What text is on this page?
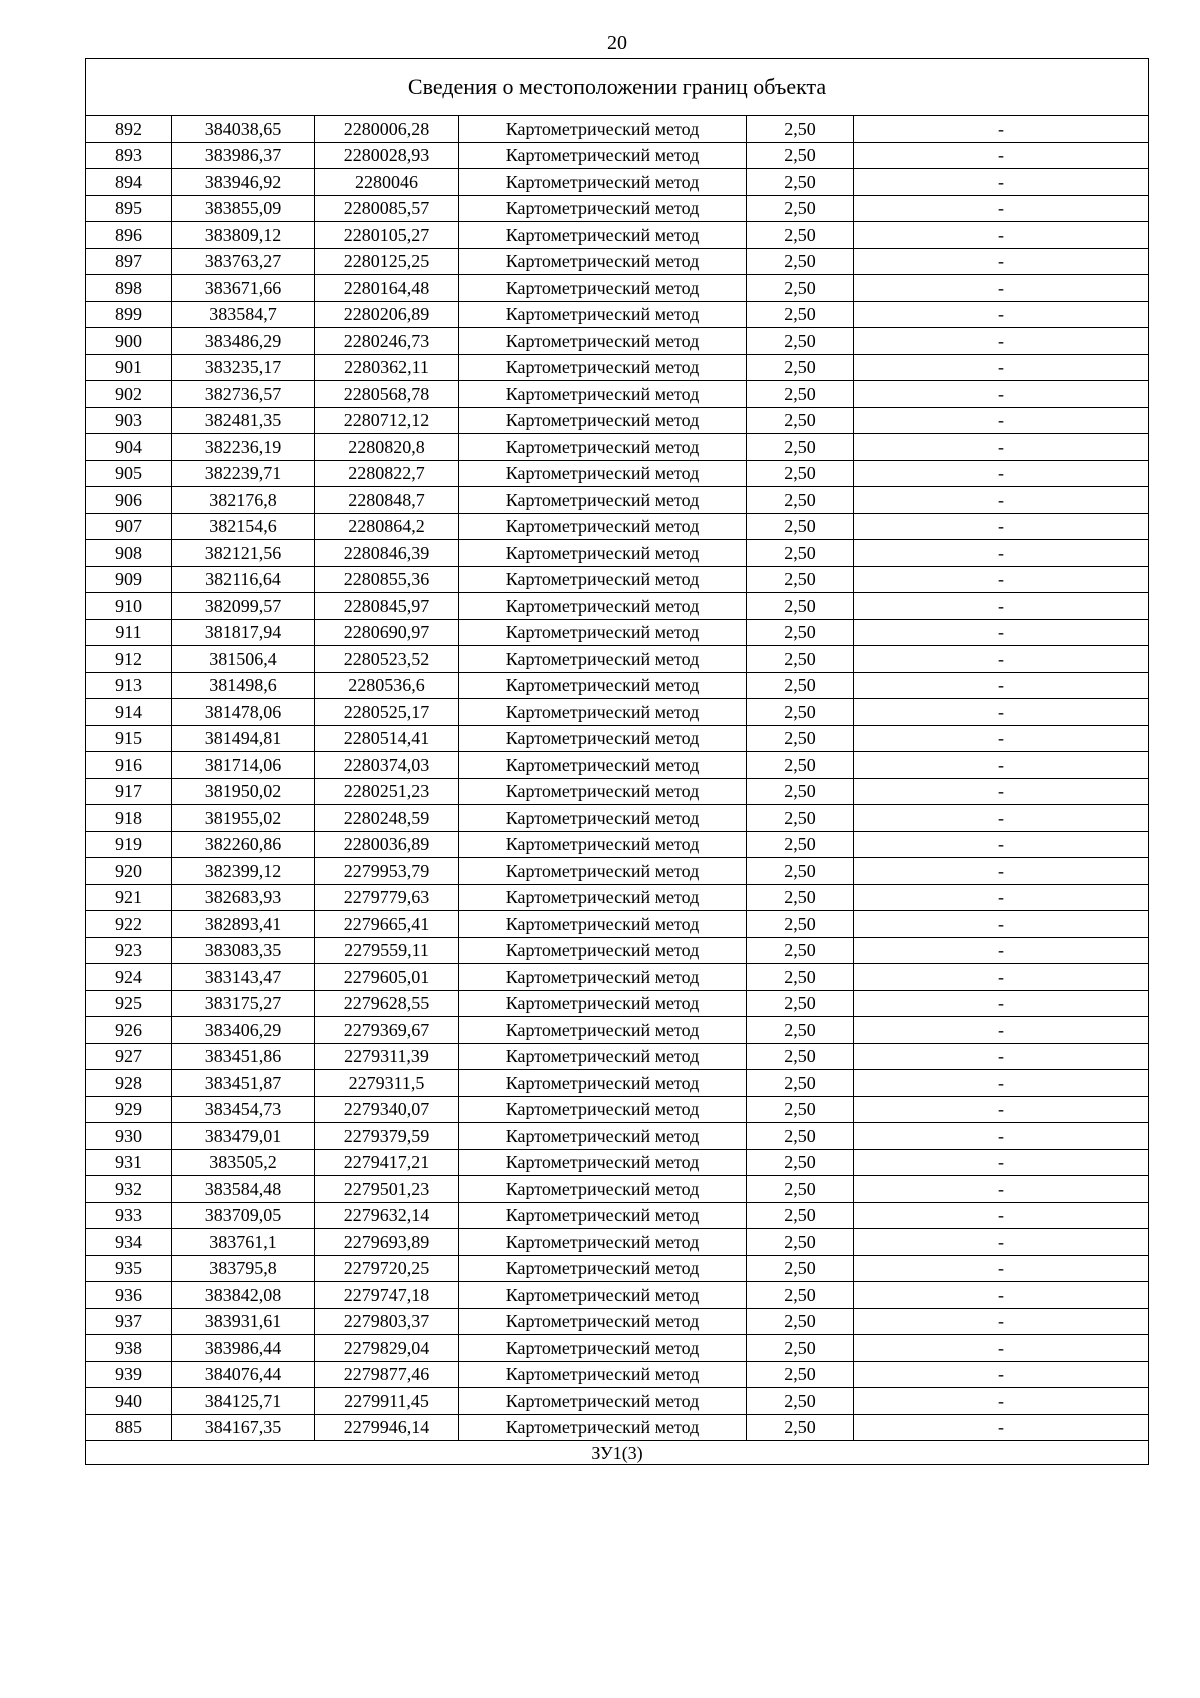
20
Сведения о местоположении границ объекта					
892	384038,65	2280006,28	Картометрический метод	2,50	-
893	383986,37	2280028,93	Картометрический метод	2,50	-
894	383946,92	2280046	Картометрический метод	2,50	-
895	383855,09	2280085,57	Картометрический метод	2,50	-
896	383809,12	2280105,27	Картометрический метод	2,50	-
897	383763,27	2280125,25	Картометрический метод	2,50	-
898	383671,66	2280164,48	Картометрический метод	2,50	-
899	383584,7	2280206,89	Картометрический метод	2,50	-
900	383486,29	2280246,73	Картометрический метод	2,50	-
901	383235,17	2280362,11	Картометрический метод	2,50	-
902	382736,57	2280568,78	Картометрический метод	2,50	-
903	382481,35	2280712,12	Картометрический метод	2,50	-
904	382236,19	2280820,8	Картометрический метод	2,50	-
905	382239,71	2280822,7	Картометрический метод	2,50	-
906	382176,8	2280848,7	Картометрический метод	2,50	-
907	382154,6	2280864,2	Картометрический метод	2,50	-
908	382121,56	2280846,39	Картометрический метод	2,50	-
909	382116,64	2280855,36	Картометрический метод	2,50	-
910	382099,57	2280845,97	Картометрический метод	2,50	-
911	381817,94	2280690,97	Картометрический метод	2,50	-
912	381506,4	2280523,52	Картометрический метод	2,50	-
913	381498,6	2280536,6	Картометрический метод	2,50	-
914	381478,06	2280525,17	Картометрический метод	2,50	-
915	381494,81	2280514,41	Картометрический метод	2,50	-
916	381714,06	2280374,03	Картометрический метод	2,50	-
917	381950,02	2280251,23	Картометрический метод	2,50	-
918	381955,02	2280248,59	Картометрический метод	2,50	-
919	382260,86	2280036,89	Картометрический метод	2,50	-
920	382399,12	2279953,79	Картометрический метод	2,50	-
921	382683,93	2279779,63	Картометрический метод	2,50	-
922	382893,41	2279665,41	Картометрический метод	2,50	-
923	383083,35	2279559,11	Картометрический метод	2,50	-
924	383143,47	2279605,01	Картометрический метод	2,50	-
925	383175,27	2279628,55	Картометрический метод	2,50	-
926	383406,29	2279369,67	Картометрический метод	2,50	-
927	383451,86	2279311,39	Картометрический метод	2,50	-
928	383451,87	2279311,5	Картометрический метод	2,50	-
929	383454,73	2279340,07	Картометрический метод	2,50	-
930	383479,01	2279379,59	Картометрический метод	2,50	-
931	383505,2	2279417,21	Картометрический метод	2,50	-
932	383584,48	2279501,23	Картометрический метод	2,50	-
933	383709,05	2279632,14	Картометрический метод	2,50	-
934	383761,1	2279693,89	Картометрический метод	2,50	-
935	383795,8	2279720,25	Картометрический метод	2,50	-
936	383842,08	2279747,18	Картометрический метод	2,50	-
937	383931,61	2279803,37	Картометрический метод	2,50	-
938	383986,44	2279829,04	Картометрический метод	2,50	-
939	384076,44	2279877,46	Картометрический метод	2,50	-
940	384125,71	2279911,45	Картометрический метод	2,50	-
885	384167,35	2279946,14	Картометрический метод	2,50	-
ЗУ1(3)					
